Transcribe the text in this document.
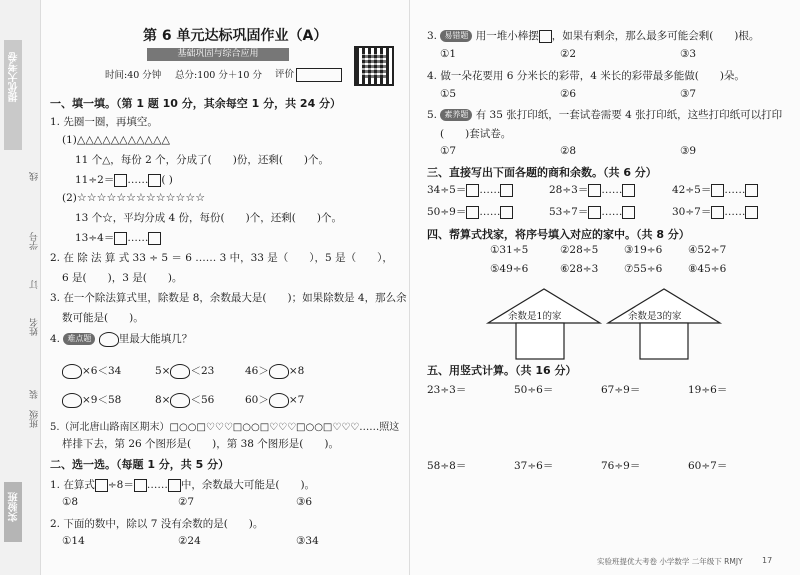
提优大考卷
实验班
班级
姓名
学号
线
订
装
第 6 单元达标巩固作业（A）
基础巩固与综合应用
时间:40 分钟 总分:100 分＋10 分 评价
一、填一填。（第 1 题 10 分，其余每空 1 分，共 24 分）
1. 先圈一圈，再填空。
(1)△△△△△△△△△△△
11 个△，每份 2 个，分成了(　　)份，还剩(　　)个。
11÷2＝ …… ( )
(2)☆☆☆☆☆☆☆☆☆☆☆☆☆
13 个☆，平均分成 4 份，每份(　　)个，还剩(　　)个。
13÷4＝ ……
2. 在 除 法 算 式 33 ÷ 5 ＝ 6 …… 3 中，33 是（　　），5 是（　　），
6 是(　　)，3 是(　　)。
3. 在一个除法算式里，除数是 8，余数最大是(　　)；如果除数是 4，那么余
数可能是(　　)。
4. 难点题	里最大能填几？
×6＜34	5× ＜23	46＞ ×8
×9＜58	8× ＜56	60＞ ×7
5.（河北唐山路南区期末）□○○□♡♡♡□○○□♡♡♡□○○□♡♡♡……照这
样排下去，第 26 个图形是(　　)，第 38 个图形是(　　)。
二、选一选。（每题 1 分，共 5 分）
1. 在算式 ÷8＝ …… 中，余数最大可能是(　　)。
①8	②7	③6
2. 下面的数中，除以 7 没有余数的是(　　)。
①14	②24	③34
3. 易错题 用一堆小棒摆 ，如果有剩余，那么最多可能会剩(　　)根。
①1	②2	③3
4. 做一朵花要用 6 分米长的彩带，4 米长的彩带最多能做(　　)朵。
①5	②6	③7
5. 素养题 有 35 张打印纸，一套试卷需要 4 张打印纸，这些打印纸可以打印
(　　)套试卷。
①7	②8	③9
三、直接写出下面各题的商和余数。（共 6 分）
34÷5＝ ……	28÷3＝ ……	42÷5＝ ……
50÷9＝ ……	53÷7＝ ……	30÷7＝ ……
四、帮算式找家，将序号填入对应的家中。（共 8 分）
①31÷5	②28÷5 ③19÷6 ④52÷7
⑤49÷6	⑥28÷3 ⑦55÷6 ⑧45÷6
余数是1的家	余数是3的家
五、用竖式计算。（共 16 分）
23÷3＝	50÷6＝	67÷9＝	19÷6＝
58÷8＝	37÷6＝	76÷9＝	60÷7＝
实验班提优大考卷 小学数学 二年级下 RMJY 17
